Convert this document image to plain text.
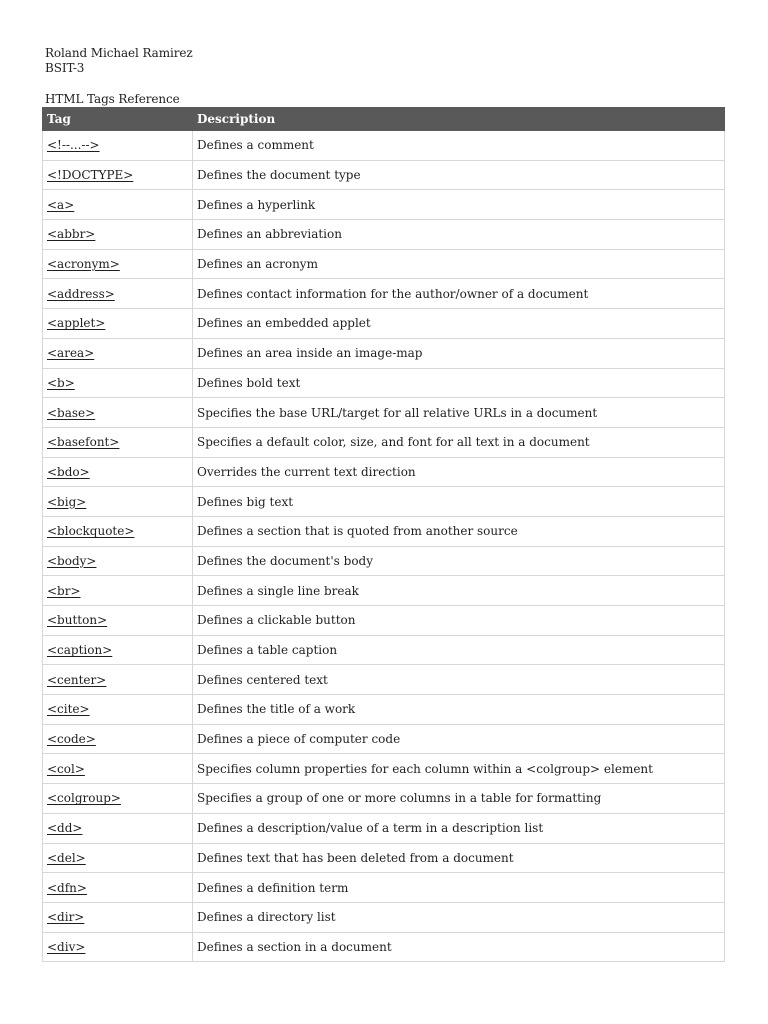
Roland Michael Ramirez
BSIT-3
HTML Tags Reference
Tag	Description
<!--...-->	Defines a comment
<!DOCTYPE>	Defines the document type
<a>	Defines a hyperlink
<abbr>	Defines an abbreviation
<acronym>	Defines an acronym
<address>	Defines contact information for the author/owner of a document
<applet>	Defines an embedded applet
<area>	Defines an area inside an image-map
<b>	Defines bold text
<base>	Specifies the base URL/target for all relative URLs in a document
<basefont>	Specifies a default color, size, and font for all text in a document
<bdo>	Overrides the current text direction
<big>	Defines big text
<blockquote>	Defines a section that is quoted from another source
<body>	Defines the document's body
<br>	Defines a single line break
<button>	Defines a clickable button
<caption>	Defines a table caption
<center>	Defines centered text
<cite>	Defines the title of a work
<code>	Defines a piece of computer code
<col>	Specifies column properties for each column within a <colgroup> element
<colgroup>	Specifies a group of one or more columns in a table for formatting
<dd>	Defines a description/value of a term in a description list
<del>	Defines text that has been deleted from a document
<dfn>	Defines a definition term
<dir>	Defines a directory list
<div>	Defines a section in a document
